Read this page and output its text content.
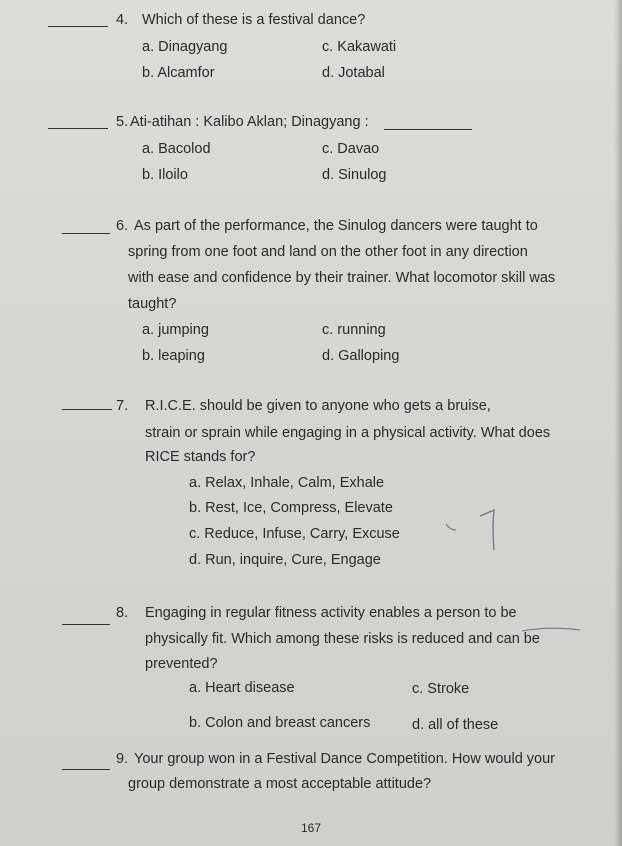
4. Which of these is a festival dance?
a. Dinagyang	c. Kakawati
b. Alcamfor	d. Jotabal
5. Ati-atihan : Kalibo Aklan; Dinagyang :
a. Bacolod	c. Davao
b. Iloilo	d. Sinulog
6. As part of the performance, the Sinulog dancers were taught to
spring from one foot and land on the other foot in any direction
with ease and confidence by their trainer. What locomotor skill was
taught?
a. jumping	c. running
b. leaping	d. Galloping
7. R.I.C.E. should be given to anyone who gets a bruise,
strain or sprain while engaging in a physical activity. What does
RICE stands for?
a. Relax, Inhale, Calm, Exhale
b. Rest, Ice, Compress, Elevate
c. Reduce, Infuse, Carry, Excuse
d. Run, inquire, Cure, Engage
8. Engaging in regular fitness activity enables a person to be
physically fit. Which among these risks is reduced and can be
prevented?
a. Heart disease	c. Stroke
b. Colon and breast cancers	d. all of these
9. Your group won in a Festival Dance Competition. How would your
group demonstrate a most acceptable attitude?
167
